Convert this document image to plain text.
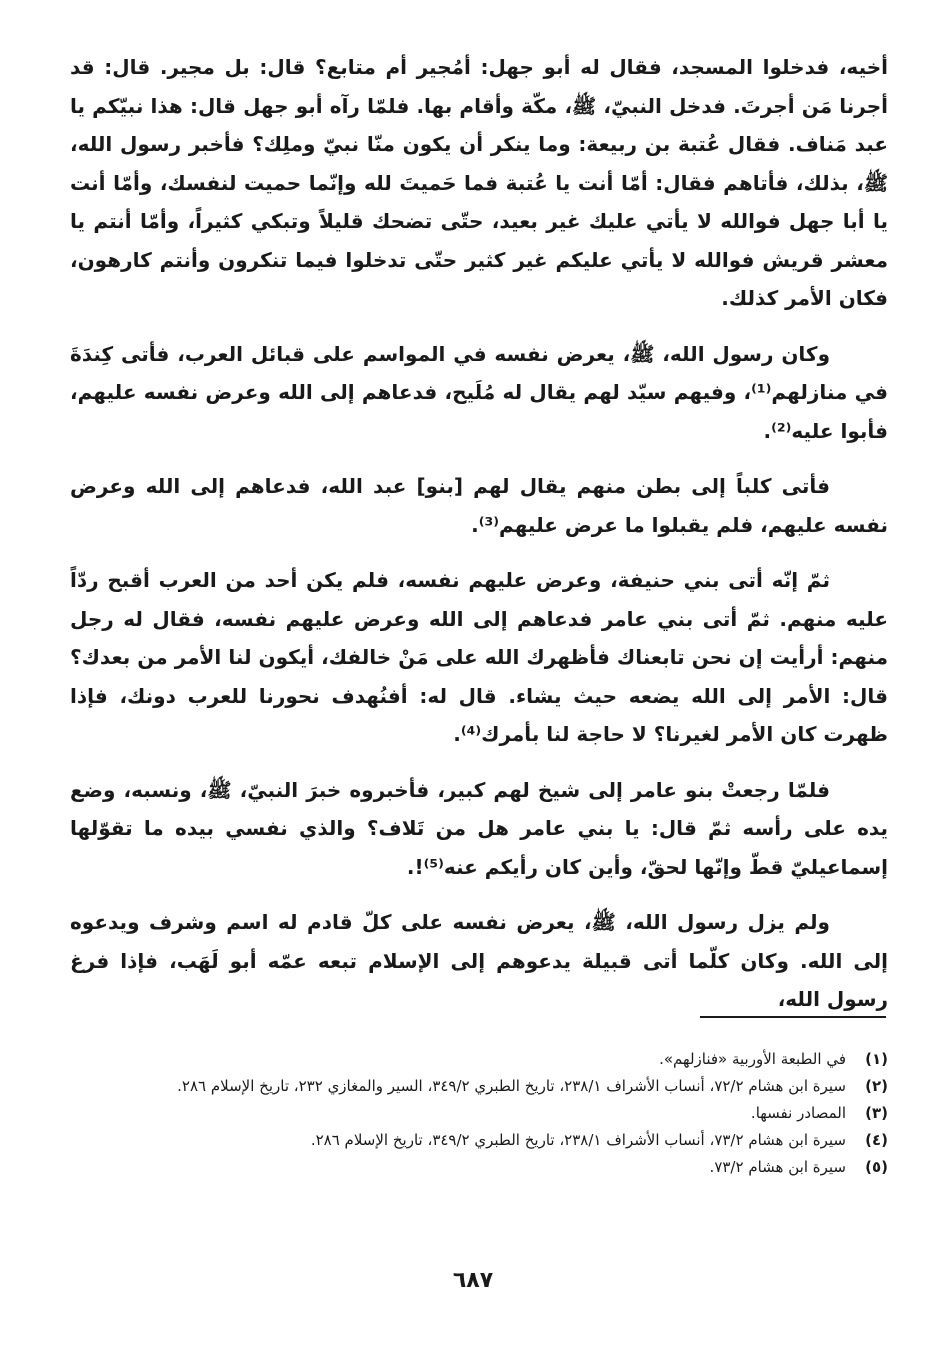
أخيه، فدخلوا المسجد، فقال له أبو جهل: أمُجير أم متابع؟ قال: بل مجير. قال: قد أجرنا مَن أجرتَ. فدخل النبيّ، ﷺ، مكّة وأقام بها. فلمّا رآه أبو جهل قال: هذا نبيّكم يا عبد مَناف. فقال عُتبة بن ربيعة: وما ينكر أن يكون منّا نبيّ وملِك؟ فأخبر رسول الله، ﷺ، بذلك، فأتاهم فقال: أمّا أنت يا عُتبة فما حَميتَ لله وإنّما حميت لنفسك، وأمّا أنت يا أبا جهل فوالله لا يأتي عليك غير بعيد، حتّى تضحك قليلاً وتبكي كثيراً، وأمّا أنتم يا معشر قريش فوالله لا يأتي عليكم غير كثير حتّى تدخلوا فيما تنكرون وأنتم كارهون، فكان الأمر كذلك.

وكان رسول الله، ﷺ، يعرض نفسه في المواسم على قبائل العرب، فأتى كِندَةَ في منازلهم⁽¹⁾، وفيهم سيّد لهم يقال له مُلَيح، فدعاهم إلى الله وعرض نفسه عليهم، فأبوا عليه⁽²⁾.

فأتى كلباً إلى بطن منهم يقال لهم [بنو] عبد الله، فدعاهم إلى الله وعرض نفسه عليهم، فلم يقبلوا ما عرض عليهم⁽³⁾.

ثمّ إنّه أتى بني حنيفة، وعرض عليهم نفسه، فلم يكن أحد من العرب أقبح ردّاً عليه منهم. ثمّ أتى بني عامر فدعاهم إلى الله وعرض عليهم نفسه، فقال له رجل منهم: أرأيت إن نحن تابعناك فأظهرك الله على مَنْ خالفك، أيكون لنا الأمر من بعدك؟ قال: الأمر إلى الله يضعه حيث يشاء. قال له: أفنُهدف نحورنا للعرب دونك، فإذا ظهرت كان الأمر لغيرنا؟ لا حاجة لنا بأمرك⁽⁴⁾.

فلمّا رجعتْ بنو عامر إلى شيخ لهم كبير، فأخبروه خبرَ النبيّ، ﷺ، ونسبه، وضع يده على رأسه ثمّ قال: يا بني عامر هل من تَلاف؟ والذي نفسي بيده ما تقوّلها إسماعيليّ قطّ وإنّها لحقّ، وأين كان رأيكم عنه⁽⁵⁾!.

ولم يزل رسول الله، ﷺ، يعرض نفسه على كلّ قادم له اسم وشرف ويدعوه إلى الله. وكان كلّما أتى قبيلة يدعوهم إلى الإسلام تبعه عمّه أبو لَهَب، فإذا فرغ رسول الله،

(١)
في الطبعة الأوربية «فنازلهم».
(٢)
سيرة ابن هشام ٧٢/٢، أنساب الأشراف ٢٣٨/١، تاريخ الطبري ٣٤٩/٢، السير والمغازي ٢٣٢، تاريخ الإسلام ٢٨٦.
(٣)
المصادر نفسها.
(٤)
سيرة ابن هشام ٧٣/٢، أنساب الأشراف ٢٣٨/١، تاريخ الطبري ٣٤٩/٢، تاريخ الإسلام ٢٨٦.
(٥)
سيرة ابن هشام ٧٣/٢.
٦٨٧
